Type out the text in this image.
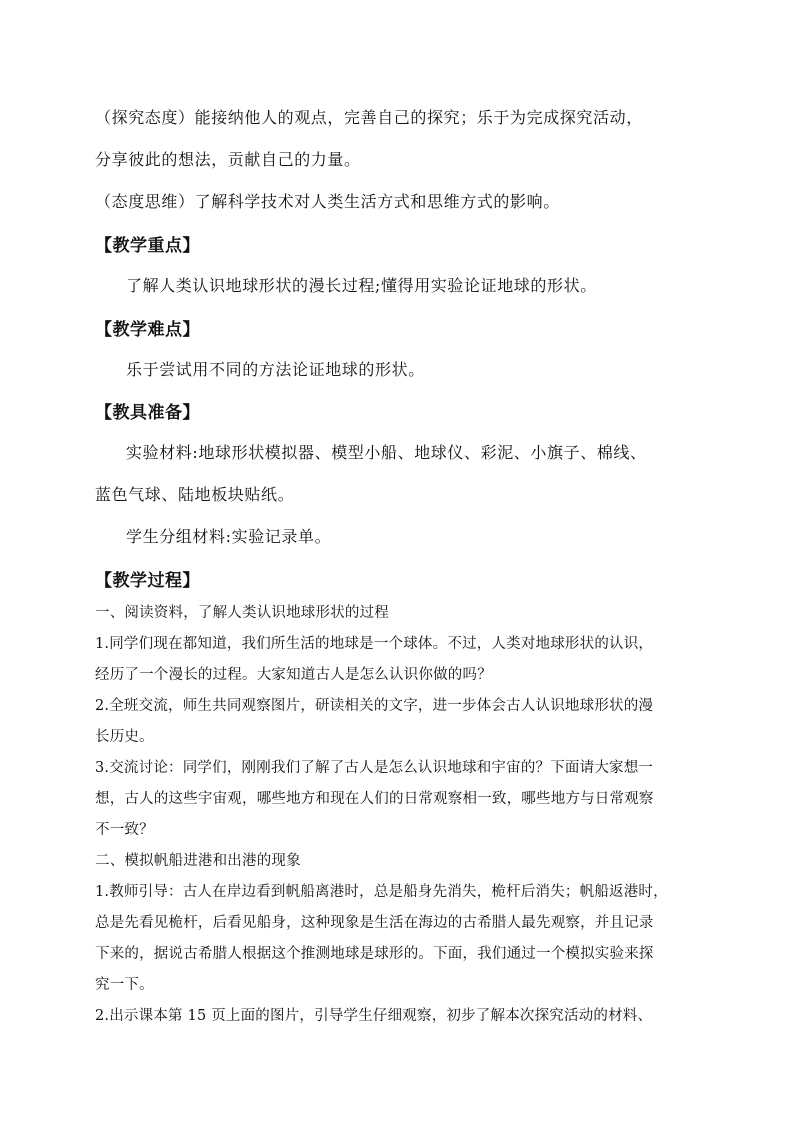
（探究态度）能接纳他人的观点，完善自己的探究；乐于为完成探究活动，
分享彼此的想法，贡献自己的力量。
（态度思维）了解科学技术对人类生活方式和思维方式的影响。
【教学重点】
了解人类认识地球形状的漫长过程;懂得用实验论证地球的形状。
【教学难点】
乐于尝试用不同的方法论证地球的形状。
【教具准备】
实验材料:地球形状模拟器、模型小船、地球仪、彩泥、小旗子、棉线、
蓝色气球、陆地板块贴纸。
学生分组材料:实验记录单。
【教学过程】
一、阅读资料，了解人类认识地球形状的过程
1.同学们现在都知道，我们所生活的地球是一个球体。不过，人类对地球形状的认识，
经历了一个漫长的过程。大家知道古人是怎么认识你做的吗？
2.全班交流，师生共同观察图片，研读相关的文字，进一步体会古人认识地球形状的漫
长历史。
3.交流讨论：同学们，刚刚我们了解了古人是怎么认识地球和宇宙的？下面请大家想一
想，古人的这些宇宙观，哪些地方和现在人们的日常观察相一致，哪些地方与日常观察
不一致？
二、模拟帆船进港和出港的现象
1.教师引导：古人在岸边看到帆船离港时，总是船身先消失，桅杆后消失；帆船返港时，
总是先看见桅杆，后看见船身，这种现象是生活在海边的古希腊人最先观察，并且记录
下来的，据说古希腊人根据这个推测地球是球形的。下面，我们通过一个模拟实验来探
究一下。
2.出示课本第 15 页上面的图片，引导学生仔细观察，初步了解本次探究活动的材料、
